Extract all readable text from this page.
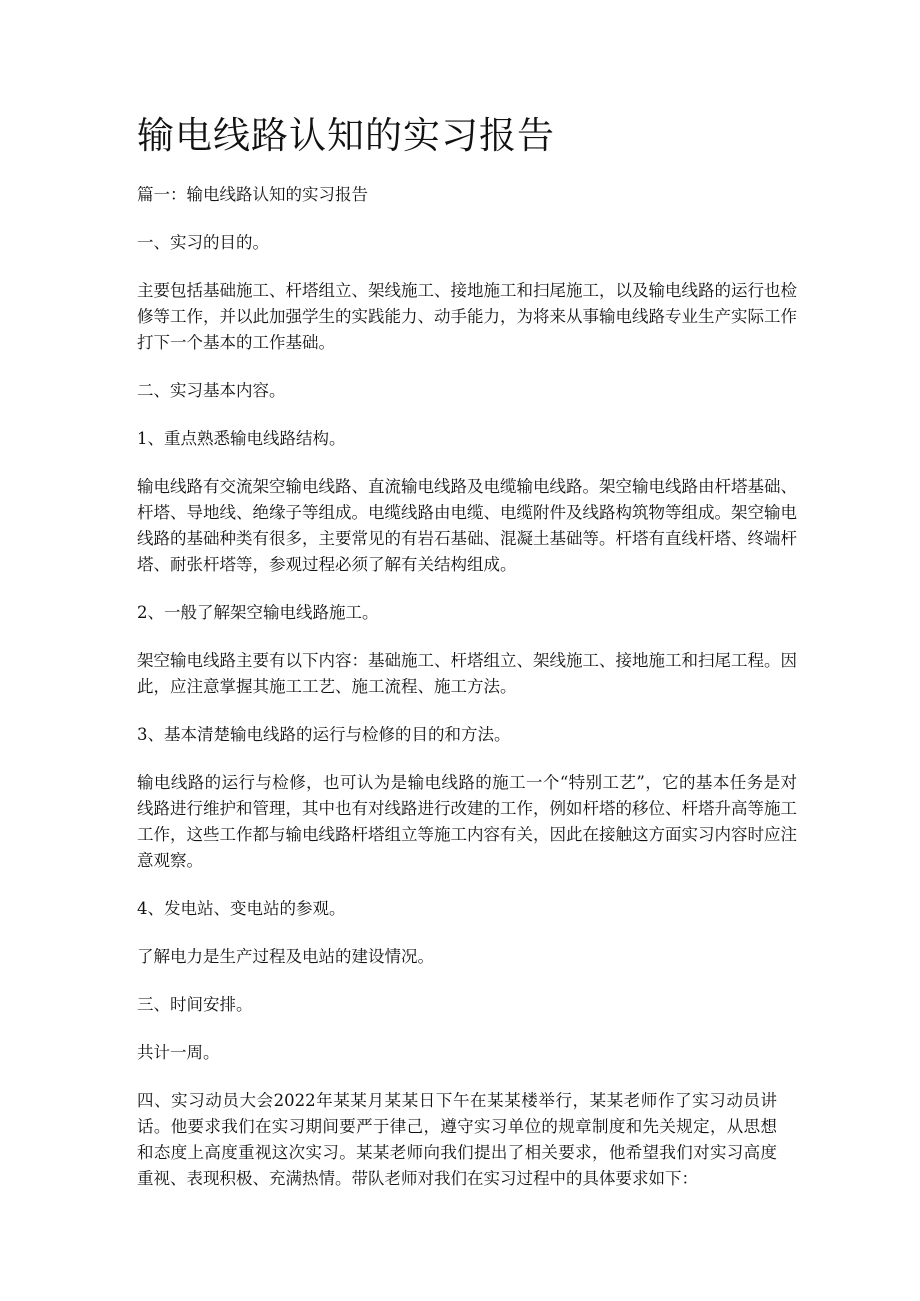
输电线路认知的实习报告

篇一：输电线路认知的实习报告

一、实习的目的。

主要包括基础施工、杆塔组立、架线施工、接地施工和扫尾施工，以及输电线路的运行也检修等工作，并以此加强学生的实践能力、动手能力，为将来从事输电线路专业生产实际工作打下一个基本的工作基础。

二、实习基本内容。

1、重点熟悉输电线路结构。

输电线路有交流架空输电线路、直流输电线路及电缆输电线路。架空输电线路由杆塔基础、杆塔、导地线、绝缘子等组成。电缆线路由电缆、电缆附件及线路构筑物等组成。架空输电线路的基础种类有很多，主要常见的有岩石基础、混凝土基础等。杆塔有直线杆塔、终端杆塔、耐张杆塔等，参观过程必须了解有关结构组成。

2、一般了解架空输电线路施工。

架空输电线路主要有以下内容：基础施工、杆塔组立、架线施工、接地施工和扫尾工程。因此，应注意掌握其施工工艺、施工流程、施工方法。

3、基本清楚输电线路的运行与检修的目的和方法。

输电线路的运行与检修，也可认为是输电线路的施工一个“特别工艺”，它的基本任务是对线路进行维护和管理，其中也有对线路进行改建的工作，例如杆塔的移位、杆塔升高等施工工作，这些工作都与输电线路杆塔组立等施工内容有关，因此在接触这方面实习内容时应注意观察。

4、发电站、变电站的参观。

了解电力是生产过程及电站的建设情况。

三、时间安排。

共计一周。

四、实习动员大会2022年某某月某某日下午在某某楼举行，某某老师作了实习动员讲话。他要求我们在实习期间要严于律己，遵守实习单位的规章制度和先关规定，从思想和态度上高度重视这次实习。某某老师向我们提出了相关要求，他希望我们对实习高度重视、表现积极、充满热情。带队老师对我们在实习过程中的具体要求如下：
